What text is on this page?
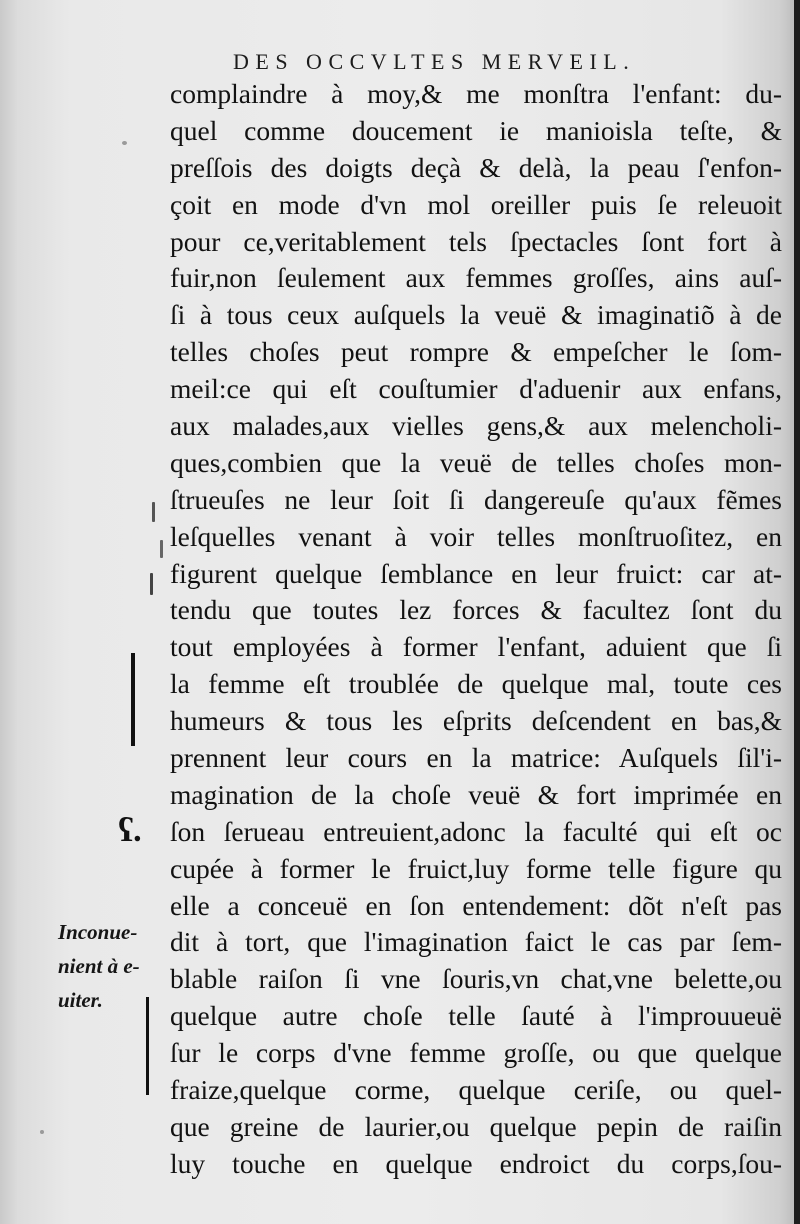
DES OCCVLTES MERVEIL.
complaindre à moy,& me monſtra l'enfant: du-
quel comme doucement ie manioisla teſte, &
preſſois des doigts deçà & delà, la peau ſ'enfon-
çoit en mode d'vn mol oreiller puis ſe releuoit
pour ce,veritablement tels ſpectacles ſont fort à
fuir,non ſeulement aux femmes groſſes, ains auſ-
ſi à tous ceux auſquels la veuë & imaginatiõ à de
telles choſes peut rompre & empeſcher le ſom-
meil:ce qui eſt couſtumier d'aduenir aux enfans,
aux malades,aux vielles gens,& aux melencholi-
ques,combien que la veuë de telles choſes mon-
ſtrueuſes ne leur ſoit ſi dangereuſe qu'aux fẽmes
leſquelles venant à voir telles monſtruoſitez, en
figurent quelque ſemblance en leur fruict: car at-
tendu que toutes lez forces & facultez ſont du
tout employées à former l'enfant, aduient que ſi
la femme eſt troublée de quelque mal, toute ces
humeurs & tous les eſprits deſcendent en bas,&
prennent leur cours en la matrice: Auſquels ſil'i-
magination de la choſe veuë & fort imprimée en
ſon ſerueau entreuient,adonc la faculté qui eſt oc
cupée à former le fruict,luy forme telle figure qu
elle a conceuë en ſon entendement: dõt n'eſt pas
dit à tort, que l'imagination faict le cas par ſem-
blable raiſon ſi vne ſouris,vn chat,vne belette,ou
quelque autre choſe telle ſauté à l'improuueuë
ſur le corps d'vne femme groſſe, ou que quelque
fraize,quelque corme, quelque ceriſe, ou quel-
que greine de laurier,ou quelque pepin de raiſin
luy touche en quelque endroict du corps,ſou-
Inconue-
nient à e-
uiter.
ʕ.
